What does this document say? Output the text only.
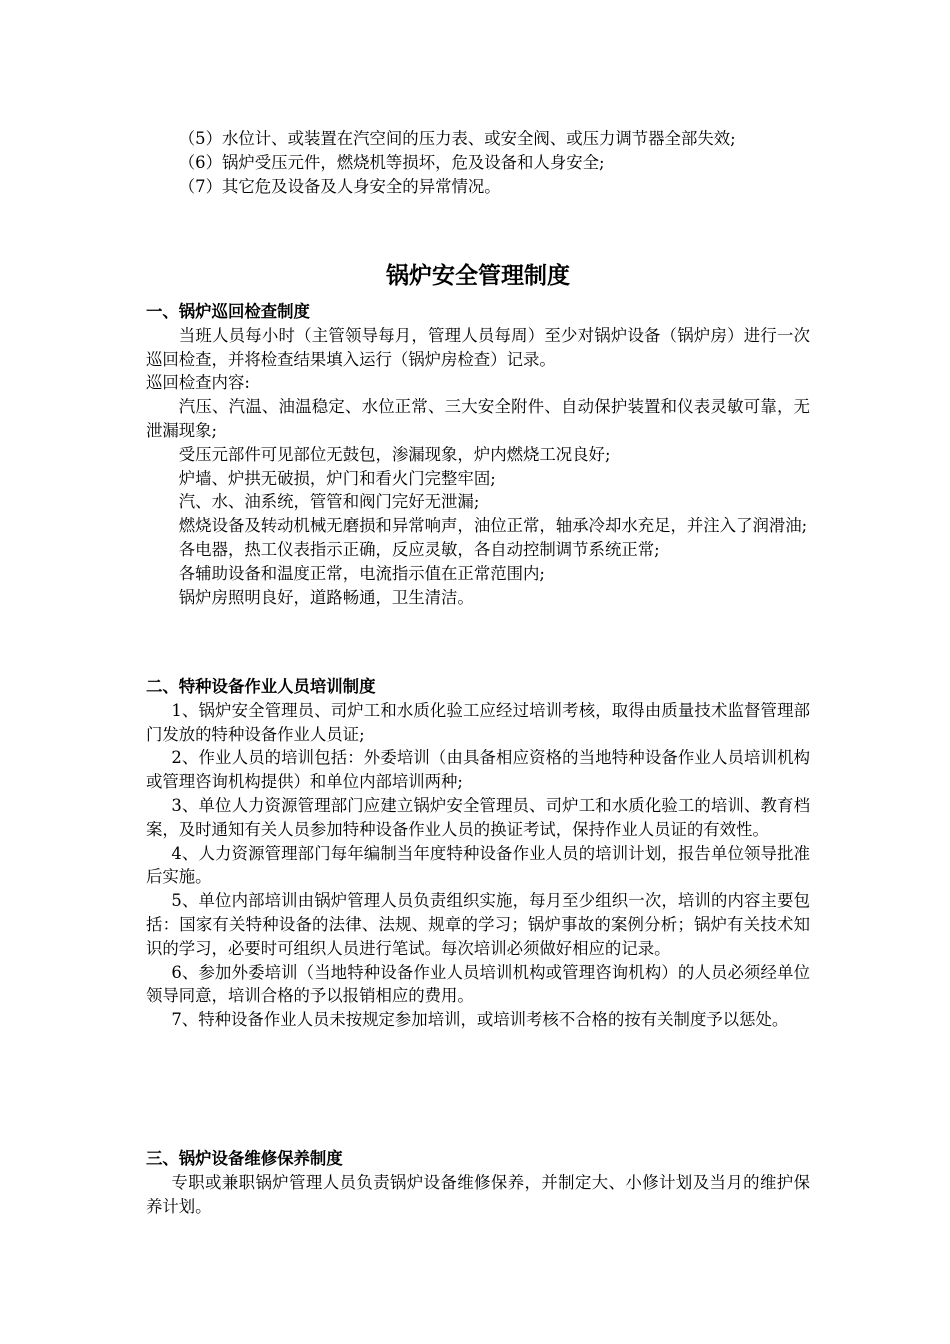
（5）水位计、或装置在汽空间的压力表、或安全阀、或压力调节器全部失效;

（6）锅炉受压元件，燃烧机等损坏，危及设备和人身安全;

（7）其它危及设备及人身安全的异常情况。

锅炉安全管理制度

一、锅炉巡回检查制度

当班人员每小时（主管领导每月，管理人员每周）至少对锅炉设备（锅炉房）进行一次巡回检查，并将检查结果填入运行（锅炉房检查）记录。

巡回检查内容:

汽压、汽温、油温稳定、水位正常、三大安全附件、自动保护装置和仪表灵敏可靠，无泄漏现象;

受压元部件可见部位无鼓包，渗漏现象，炉内燃烧工况良好;

炉墙、炉拱无破损，炉门和看火门完整牢固;

汽、水、油系统，管管和阀门完好无泄漏;

燃烧设备及转动机械无磨损和异常响声，油位正常，轴承冷却水充足，并注入了润滑油;

各电器，热工仪表指示正确，反应灵敏，各自动控制调节系统正常;

各辅助设备和温度正常，电流指示值在正常范围内;

锅炉房照明良好，道路畅通，卫生清洁。

二、特种设备作业人员培训制度

1、锅炉安全管理员、司炉工和水质化验工应经过培训考核，取得由质量技术监督管理部门发放的特种设备作业人员证;

2、作业人员的培训包括：外委培训（由具备相应资格的当地特种设备作业人员培训机构或管理咨询机构提供）和单位内部培训两种;

3、单位人力资源管理部门应建立锅炉安全管理员、司炉工和水质化验工的培训、教育档案，及时通知有关人员参加特种设备作业人员的换证考试，保持作业人员证的有效性。

4、人力资源管理部门每年编制当年度特种设备作业人员的培训计划，报告单位领导批准后实施。

5、单位内部培训由锅炉管理人员负责组织实施，每月至少组织一次，培训的内容主要包括：国家有关特种设备的法律、法规、规章的学习；锅炉事故的案例分析；锅炉有关技术知识的学习，必要时可组织人员进行笔试。每次培训必须做好相应的记录。

6、参加外委培训（当地特种设备作业人员培训机构或管理咨询机构）的人员必须经单位领导同意，培训合格的予以报销相应的费用。

7、特种设备作业人员未按规定参加培训，或培训考核不合格的按有关制度予以惩处。

三、锅炉设备维修保养制度

专职或兼职锅炉管理人员负责锅炉设备维修保养，并制定大、小修计划及当月的维护保养计划。
